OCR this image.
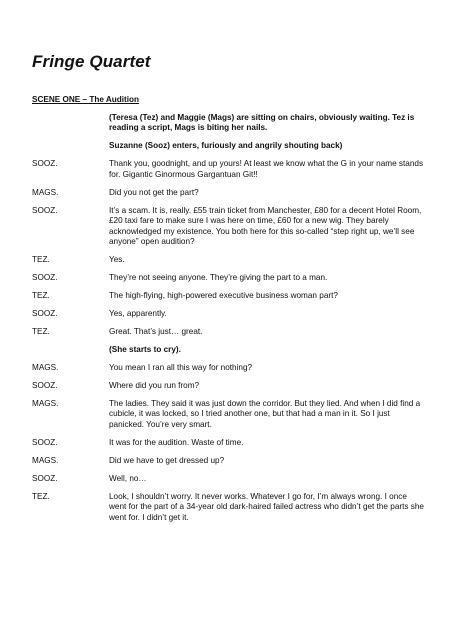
Fringe Quartet

SCENE ONE – The Audition

(Teresa (Tez) and Maggie (Mags) are sitting on chairs, obviously waiting. Tez is reading a script, Mags is biting her nails.
Suzanne (Sooz) enters, furiously and angrily shouting back)
SOOZ.	Thank you, goodnight, and up yours! At least we know what the G in your name stands for. Gigantic Ginormous Gargantuan Git!!
MAGS.	Did you not get the part?
SOOZ.	It’s a scam. It is, really. £55 train ticket from Manchester, £80 for a decent Hotel Room, £20 taxi fare to make sure I was here on time, £60 for a new wig. They barely acknowledged my existence. You both here for this so-called “step right up, we’ll see anyone” open audition?
TEZ.	Yes.
SOOZ.	They’re not seeing anyone. They’re giving the part to a man.
TEZ.	The high-flying, high-powered executive business woman part?
SOOZ.	Yes, apparently.
TEZ.	Great. That’s just… great.
(She starts to cry).
MAGS.	You mean I ran all this way for nothing?
SOOZ.	Where did you run from?
MAGS.	The ladies. They said it was just down the corridor. But they lied. And when I did find a cubicle, it was locked, so I tried another one, but that had a man in it. So I just panicked. You’re very smart.
SOOZ.	It was for the audition. Waste of time.
MAGS.	Did we have to get dressed up?
SOOZ.	Well, no…
TEZ.	Look, I shouldn’t worry. It never works. Whatever I go for, I’m always wrong. I once went for the part of a 34-year old dark-haired failed actress who didn’t get the parts she went for. I didn’t get it.
